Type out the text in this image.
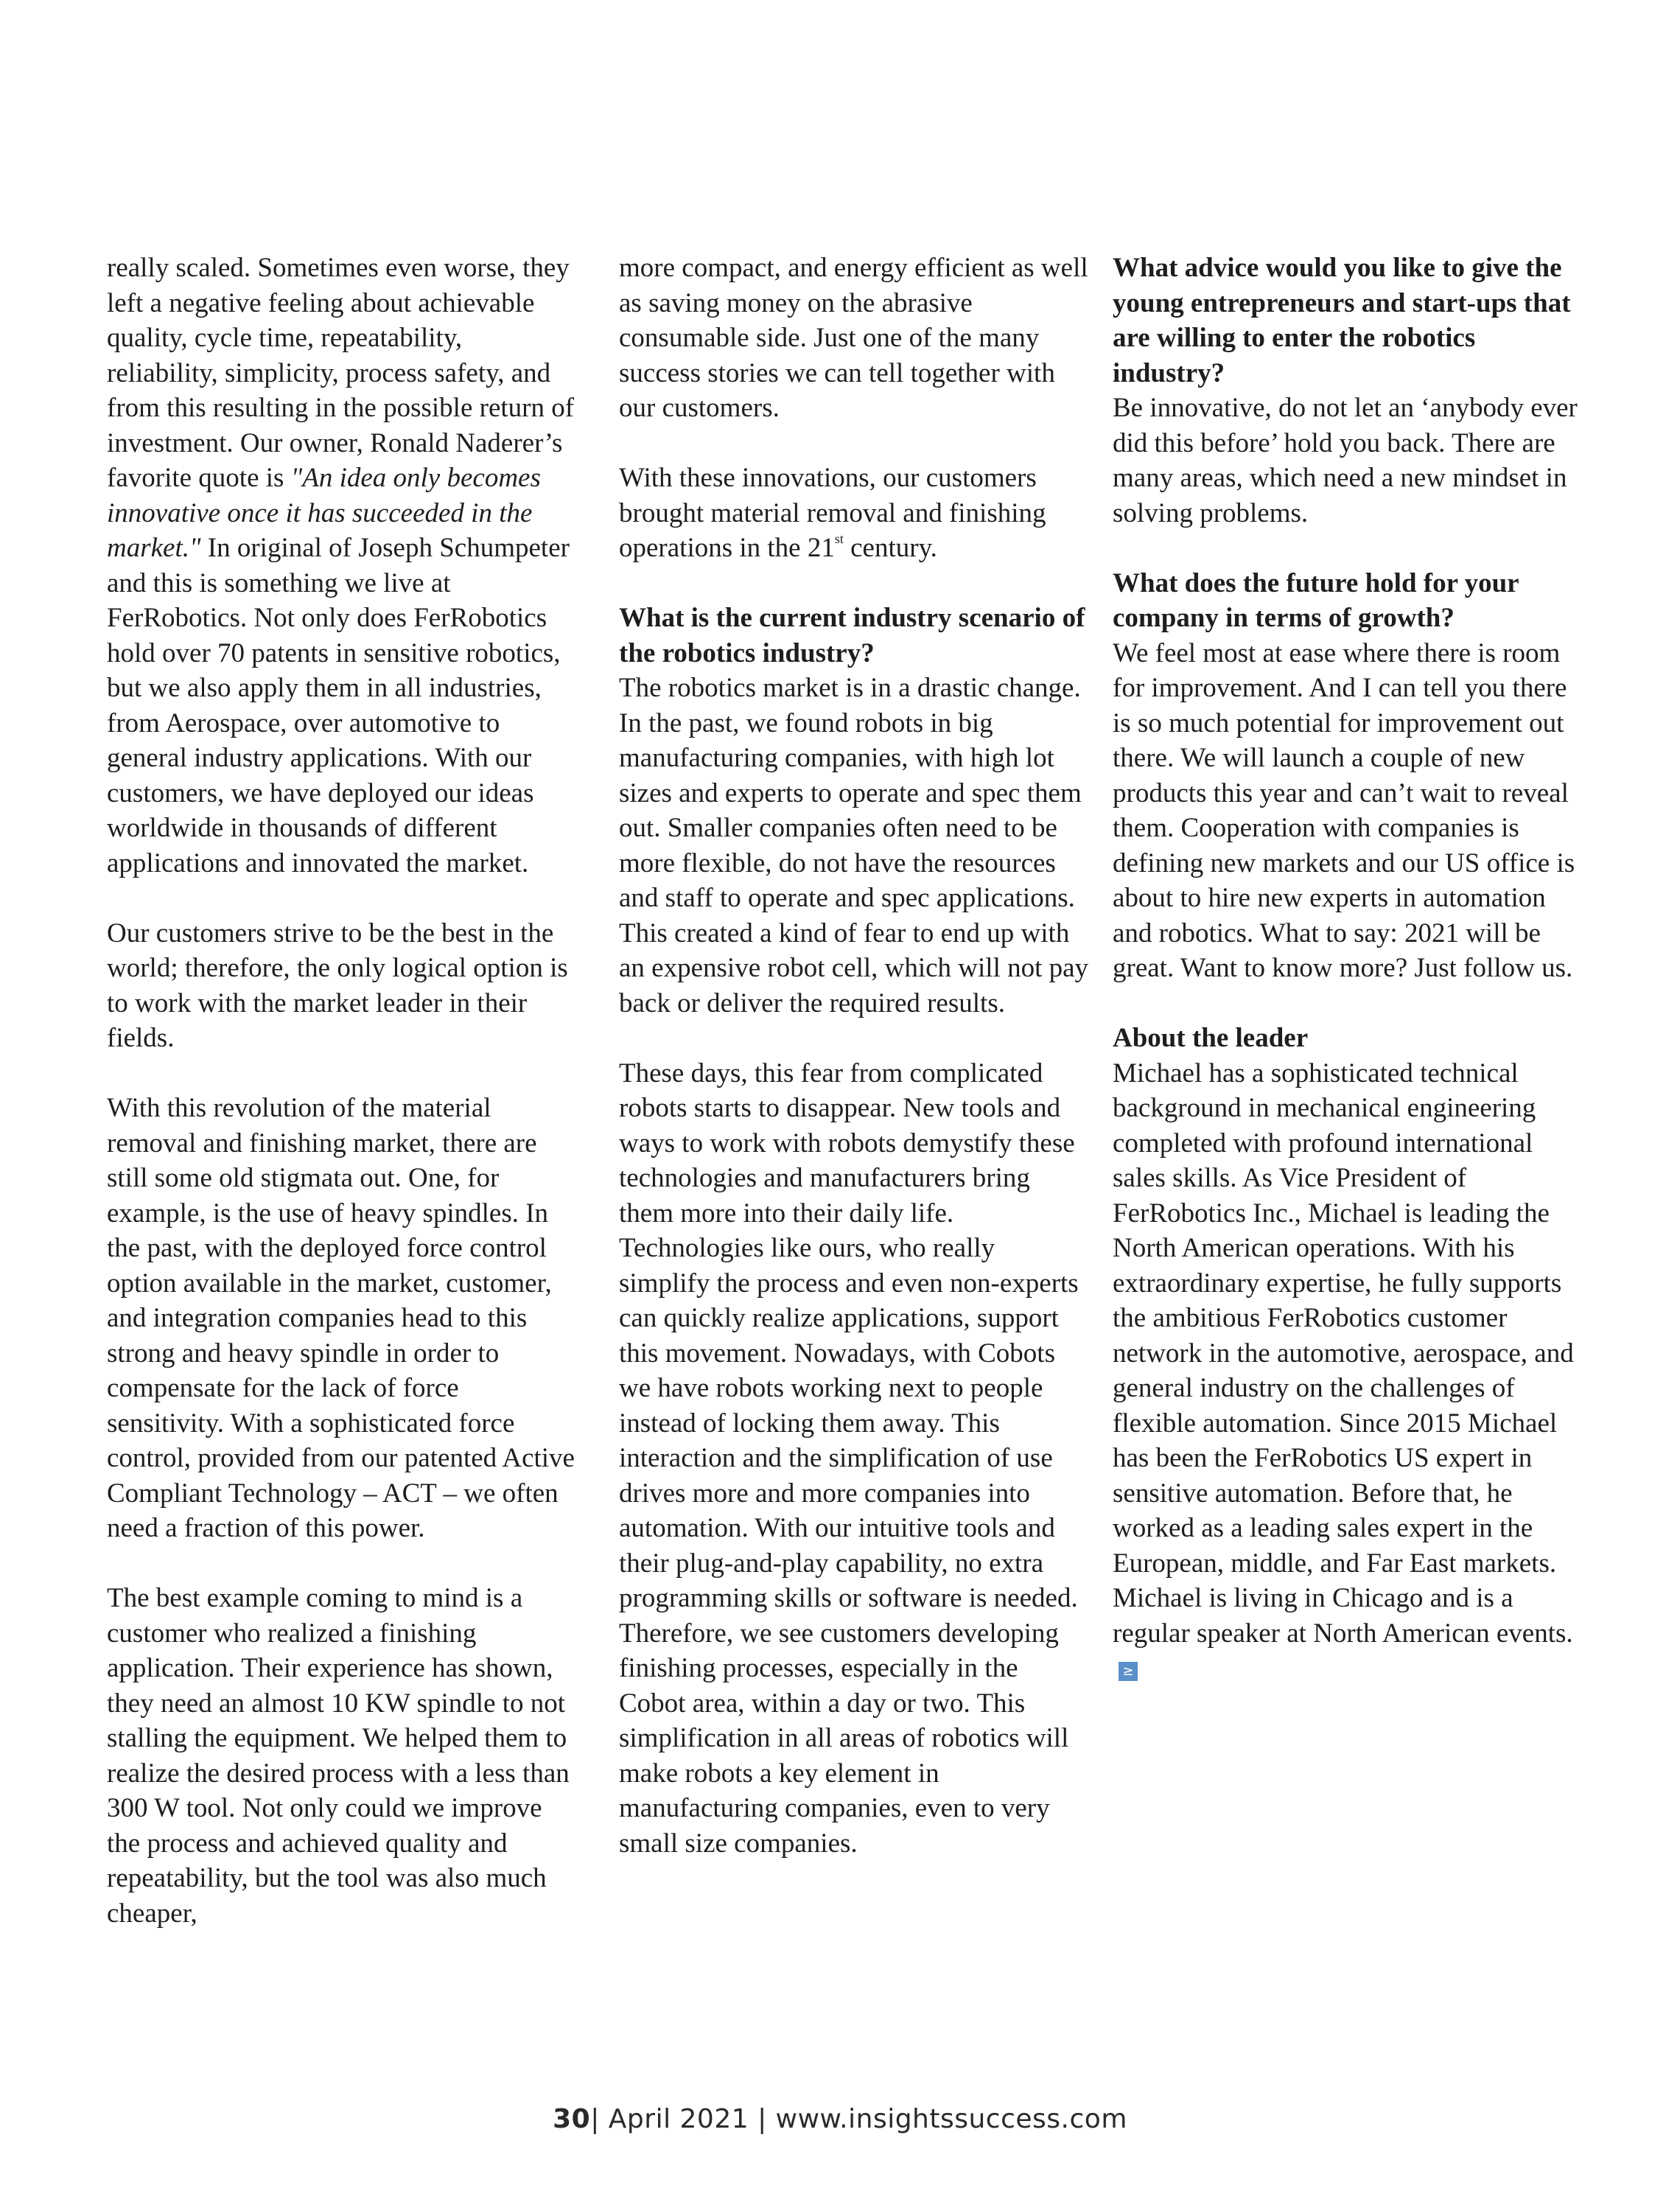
really scaled. Sometimes even worse, they left a negative feeling about achievable quality, cycle time, repeatability, reliability, simplicity, process safety, and from this resulting in the possible return of investment. Our owner, Ronald Naderer’s favorite quote is "An idea only becomes innovative once it has succeeded in the market." In original of Joseph Schumpeter and this is something we live at FerRobotics. Not only does FerRobotics hold over 70 patents in sensitive robotics, but we also apply them in all industries, from Aerospace, over automotive to general industry applications. With our customers, we have deployed our ideas worldwide in thousands of different applications and innovated the market.

Our customers strive to be the best in the world; therefore, the only logical option is to work with the market leader in their fields.

With this revolution of the material removal and finishing market, there are still some old stigmata out. One, for example, is the use of heavy spindles. In the past, with the deployed force control option available in the market, customer, and integration companies head to this strong and heavy spindle in order to compensate for the lack of force sensitivity. With a sophisticated force control, provided from our patented Active Compliant Technology – ACT – we often need a fraction of this power.

The best example coming to mind is a customer who realized a finishing application. Their experience has shown, they need an almost 10 KW spindle to not stalling the equipment. We helped them to realize the desired process with a less than 300 W tool. Not only could we improve the process and achieved quality and repeatability, but the tool was also much cheaper,

more compact, and energy efficient as well as saving money on the abrasive consumable side. Just one of the many success stories we can tell together with our customers.

With these innovations, our customers brought material removal and finishing operations in the 21st century.

What is the current industry scenario of the robotics industry?
The robotics market is in a drastic change. In the past, we found robots in big manufacturing companies, with high lot sizes and experts to operate and spec them out. Smaller companies often need to be more flexible, do not have the resources and staff to operate and spec applications. This created a kind of fear to end up with an expensive robot cell, which will not pay back or deliver the required results.

These days, this fear from complicated robots starts to disappear. New tools and ways to work with robots demystify these technologies and manufacturers bring them more into their daily life. Technologies like ours, who really simplify the process and even non-experts can quickly realize applications, support this movement. Nowadays, with Cobots we have robots working next to people instead of locking them away. This interaction and the simplification of use drives more and more companies into automation. With our intuitive tools and their plug-and-play capability, no extra programming skills or software is needed. Therefore, we see customers developing finishing processes, especially in the Cobot area, within a day or two. This simplification in all areas of robotics will make robots a key element in manufacturing companies, even to very small size companies.

What advice would you like to give the young entrepreneurs and start-ups that are willing to enter the robotics industry?
Be innovative, do not let an ‘anybody ever did this before’ hold you back. There are many areas, which need a new mindset in solving problems.

What does the future hold for your company in terms of growth?
We feel most at ease where there is room for improvement. And I can tell you there is so much potential for improvement out there. We will launch a couple of new products this year and can’t wait to reveal them. Cooperation with companies is defining new markets and our US office is about to hire new experts in automation and robotics. What to say: 2021 will be great. Want to know more? Just follow us.

About the leader
Michael has a sophisticated technical background in mechanical engineering completed with profound international sales skills. As Vice President of FerRobotics Inc., Michael is leading the North American operations. With his extraordinary expertise, he fully supports the ambitious FerRobotics customer network in the automotive, aerospace, and general industry on the challenges of flexible automation. Since 2015 Michael has been the FerRobotics US expert in sensitive automation. Before that, he worked as a leading sales expert in the European, middle, and Far East markets. Michael is living in Chicago and is a regular speaker at North American events.≥

30| April 2021 | www.insightssuccess.com
